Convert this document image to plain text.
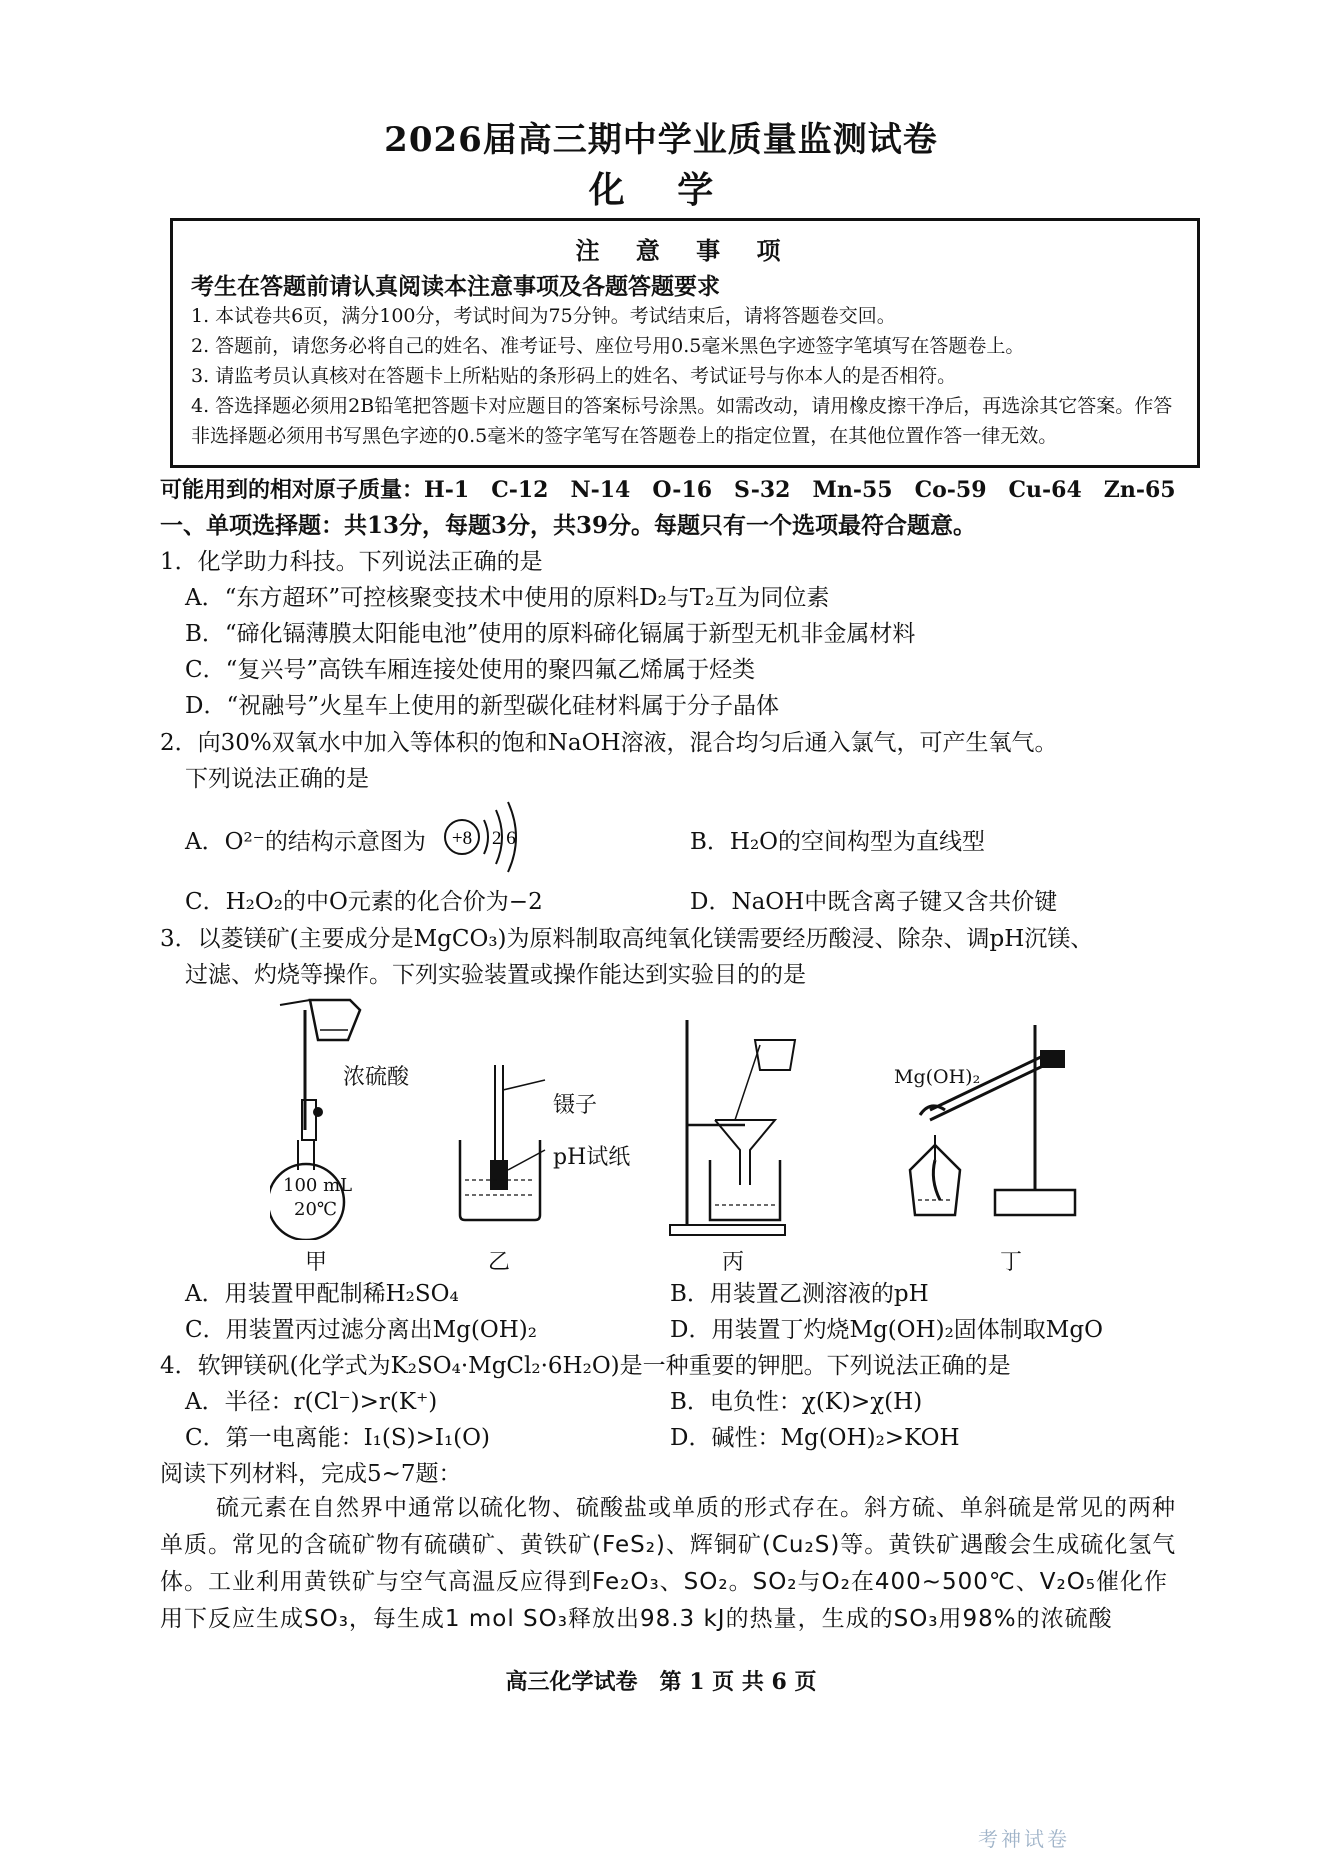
2026届高三期中学业质量监测试卷
化 学
注 意 事 项
考生在答题前请认真阅读本注意事项及各题答题要求
1. 本试卷共6页，满分100分，考试时间为75分钟。考试结束后，请将答题卷交回。
2. 答题前，请您务必将自己的姓名、准考证号、座位号用0.5毫米黑色字迹签字笔填写在答题卷上。
3. 请监考员认真核对在答题卡上所粘贴的条形码上的姓名、考试证号与你本人的是否相符。
4. 答选择题必须用2B铅笔把答题卡对应题目的答案标号涂黑。如需改动，请用橡皮擦干净后，再选涂其它答案。作答非选择题必须用书写黑色字迹的0.5毫米的签字笔写在答题卷上的指定位置，在其他位置作答一律无效。
可能用到的相对原子质量：H-1　C-12　N-14　O-16　S-32　Mn-55　Co-59　Cu-64　Zn-65
一、单项选择题：共13分，每题3分，共39分。每题只有一个选项最符合题意。
1．化学助力科技。下列说法正确的是
A．“东方超环”可控核聚变技术中使用的原料D₂与T₂互为同位素
B．“碲化镉薄膜太阳能电池”使用的原料碲化镉属于新型无机非金属材料
C．“复兴号”高铁车厢连接处使用的聚四氟乙烯属于烃类
D．“祝融号”火星车上使用的新型碳化硅材料属于分子晶体
2．向30%双氧水中加入等体积的饱和NaOH溶液，混合均匀后通入氯气，可产生氧气。
下列说法正确的是
A．O²⁻的结构示意图为 +8 2 6	B．H₂O的空间构型为直线型
C．H₂O₂的中O元素的化合价为−2	D．NaOH中既含离子键又含共价键
3．以菱镁矿(主要成分是MgCO₃)为原料制取高纯氧化镁需要经历酸浸、除杂、调pH沉镁、
过滤、灼烧等操作。下列实验装置或操作能达到实验目的的是
浓硫酸
100 mL
20℃
镊子
pH试纸
Mg(OH)₂
甲	乙	丙	丁
A．用装置甲配制稀H₂SO₄	B．用装置乙测溶液的pH
C．用装置丙过滤分离出Mg(OH)₂	D．用装置丁灼烧Mg(OH)₂固体制取MgO
4．软钾镁矾(化学式为K₂SO₄·MgCl₂·6H₂O)是一种重要的钾肥。下列说法正确的是
A．半径：r(Cl⁻)>r(K⁺)	B．电负性：χ(K)>χ(H)
C．第一电离能：I₁(S)>I₁(O)	D．碱性：Mg(OH)₂>KOH
阅读下列材料，完成5~7题：
硫元素在自然界中通常以硫化物、硫酸盐或单质的形式存在。斜方硫、单斜硫是常见的两种单质。常见的含硫矿物有硫磺矿、黄铁矿(FeS₂)、辉铜矿(Cu₂S)等。黄铁矿遇酸会生成硫化氢气体。工业利用黄铁矿与空气高温反应得到Fe₂O₃、SO₂。SO₂与O₂在400~500℃、V₂O₅催化作用下反应生成SO₃，每生成1 mol SO₃释放出98.3 kJ的热量，生成的SO₃用98%的浓硫酸
高三化学试卷　第 1 页 共 6 页
考神试卷
